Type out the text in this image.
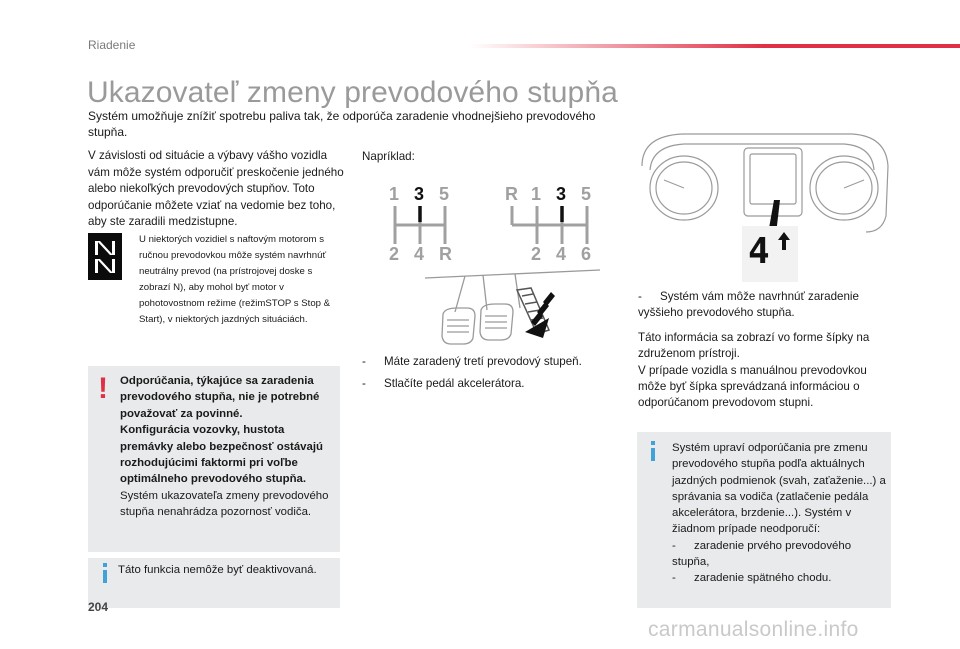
Riadenie
Ukazovateľ zmeny prevodového stupňa
Systém umožňuje znížiť spotrebu paliva tak, že odporúča zaradenie vhodnejšieho prevodového stupňa.
V závislosti od situácie a výbavy vášho vozidla vám môže systém odporučiť preskočenie jedného alebo niekoľkých prevodových stupňov. Toto odporúčanie môžete vziať na vedomie bez toho, aby ste zaradili medzistupne.
U niektorých vozidiel s naftovým motorom s ručnou prevodovkou môže systém navrhnúť neutrálny prevod (na prístrojovej doske s zobrazí N), aby mohol byť motor v pohotovostnom režime (režimSTOP s Stop & Start), v niektorých jazdných situáciách.
! Odporúčania, týkajúce sa zaradenia prevodového stupňa, nie je potrebné považovať za povinné.
Konfigurácia vozovky, hustota premávky alebo bezpečnosť ostávajú rozhodujúcimi faktormi pri voľbe optimálneho prevodového stupňa.
Systém ukazovateľa zmeny prevodového stupňa nenahrádza pozornosť vodiča.
Táto funkcia nemôže byť deaktivovaná.
Napríklad:
1 3 5
2 4 R
R 1 3 5
2 4 6
- Máte zaradený tretí prevodový stupeň.
- Stlačíte pedál akcelerátora.
4
- Systém vám môže navrhnúť zaradenie vyššieho prevodového stupňa.
Táto informácia sa zobrazí vo forme šípky na združenom prístroji.
V prípade vozidla s manuálnou prevodovkou môže byť šípka sprevádzaná informáciou o odporúčanom prevodovom stupni.
Systém upraví odporúčania pre zmenu prevodového stupňa podľa aktuálnych jazdných podmienok (svah, zaťaženie...) a správania sa vodiča (zatlačenie pedála akcelerátora, brzdenie...). Systém v žiadnom prípade neodporučí:
- zaradenie prvého prevodového stupňa,
- zaradenie spätného chodu.
204
carmanualsonline.info
